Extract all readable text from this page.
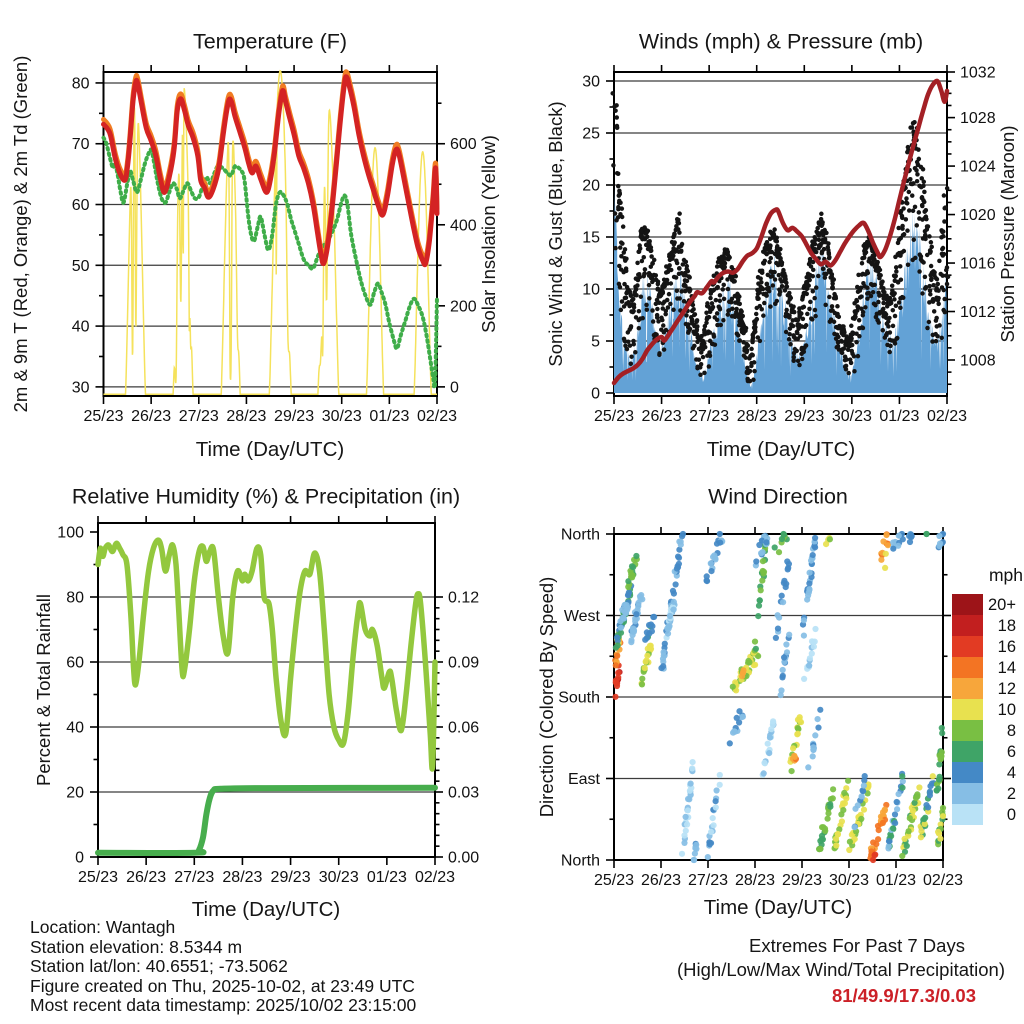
30
40
50
60
70
80
0
200
400
600
25/23 26/23 27/23 28/23 29/23 30/23 01/23 02/23
0
5
10
15
20
25
30
1008
1012
1016
1020
1024
1028
1032
25/23 26/23 27/23 28/23 29/23 30/23 01/23 02/23
0
20
40
60
80
100
0.00
0.03
0.06
0.09
0.12
25/23 26/23 27/23 28/23 29/23 30/23 01/23 02/23
North
West
South
East
North
25/23 26/23 27/23 28/23 29/23 30/23 01/23 02/23
mph
20+
18
16
14
12
10
8
6
4
2
0
Temperature (F)	Winds (mph) & Pressure (mb)
Relative Humidity (%) & Precipitation (in)	Wind Direction
Time (Day/UTC)	Time (Day/UTC)
Time (Day/UTC)	Time (Day/UTC)
2m & 9m T (Red, Orange) & 2m Td (Green)	Solar Insolation (Yellow) Sonic Wind & Gust (Blue, Black)	Station Pressure (Maroon)
Percent & Total Rainfall	Direction (Colored By Speed)
Location: Wantagh
Station elevation: 8.5344 m
Station lat/lon: 40.6551; -73.5062
Figure created on Thu, 2025-10-02, at 23:49 UTC
Most recent data timestamp: 2025/10/02 23:15:00
Extremes For Past 7 Days
(High/Low/Max Wind/Total Precipitation)
81/49.9/17.3/0.03
